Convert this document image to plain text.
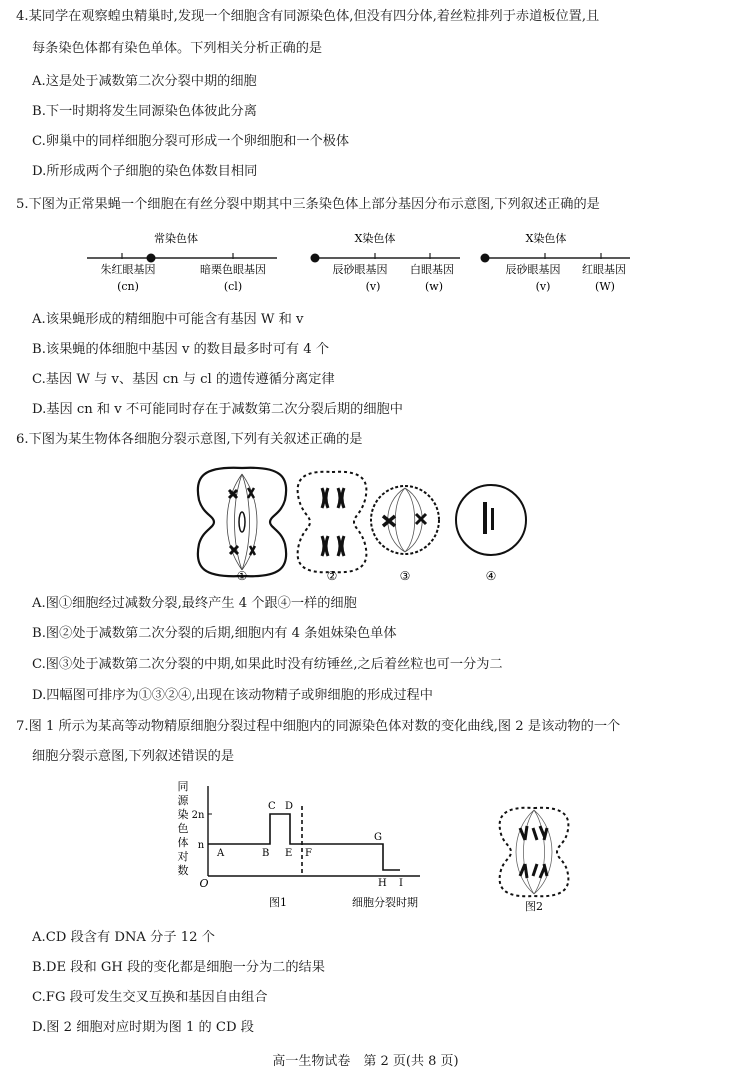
4.某同学在观察蝗虫精巢时,发现一个细胞含有同源染色体,但没有四分体,着丝粒排列于赤道板位置,且
每条染色体都有染色单体。下列相关分析正确的是
A.这是处于减数第二次分裂中期的细胞
B.下一时期将发生同源染色体彼此分离
C.卵巢中的同样细胞分裂可形成一个卵细胞和一个极体
D.所形成两个子细胞的染色体数目相同
5.下图为正常果蝇一个细胞在有丝分裂中期其中三条染色体上部分基因分布示意图,下列叙述正确的是
常染色体
朱红眼基因
(cn)
暗栗色眼基因
(cl)
X染色体
辰砂眼基因
(v)
白眼基因
(w)
X染色体
辰砂眼基因
(v)
红眼基因
(W)
A.该果蝇形成的精细胞中可能含有基因 W 和 v
B.该果蝇的体细胞中基因 v 的数目最多时可有 4 个
C.基因 W 与 v、基因 cn 与 cl 的遗传遵循分离定律
D.基因 cn 和 v 不可能同时存在于减数第二次分裂后期的细胞中
6.下图为某生物体各细胞分裂示意图,下列有关叙述正确的是
①	②	③	④
A.图①细胞经过减数分裂,最终产生 4 个跟④一样的细胞
B.图②处于减数第二次分裂的后期,细胞内有 4 条姐妹染色单体
C.图③处于减数第二次分裂的中期,如果此时没有纺锤丝,之后着丝粒也可一分为二
D.四幅图可排序为①③②④,出现在该动物精子或卵细胞的形成过程中
7.图 1 所示为某高等动物精原细胞分裂过程中细胞内的同源染色体对数的变化曲线,图 2 是该动物的一个
细胞分裂示意图,下列叙述错误的是
同
源
染
色
体
对
数
2n
n
O
A	B
C D
E F
G
H I
图1	细胞分裂时期	图2
A.CD 段含有 DNA 分子 12 个
B.DE 段和 GH 段的变化都是细胞一分为二的结果
C.FG 段可发生交叉互换和基因自由组合
D.图 2 细胞对应时期为图 1 的 CD 段
高一生物试卷　第 2 页(共 8 页)
